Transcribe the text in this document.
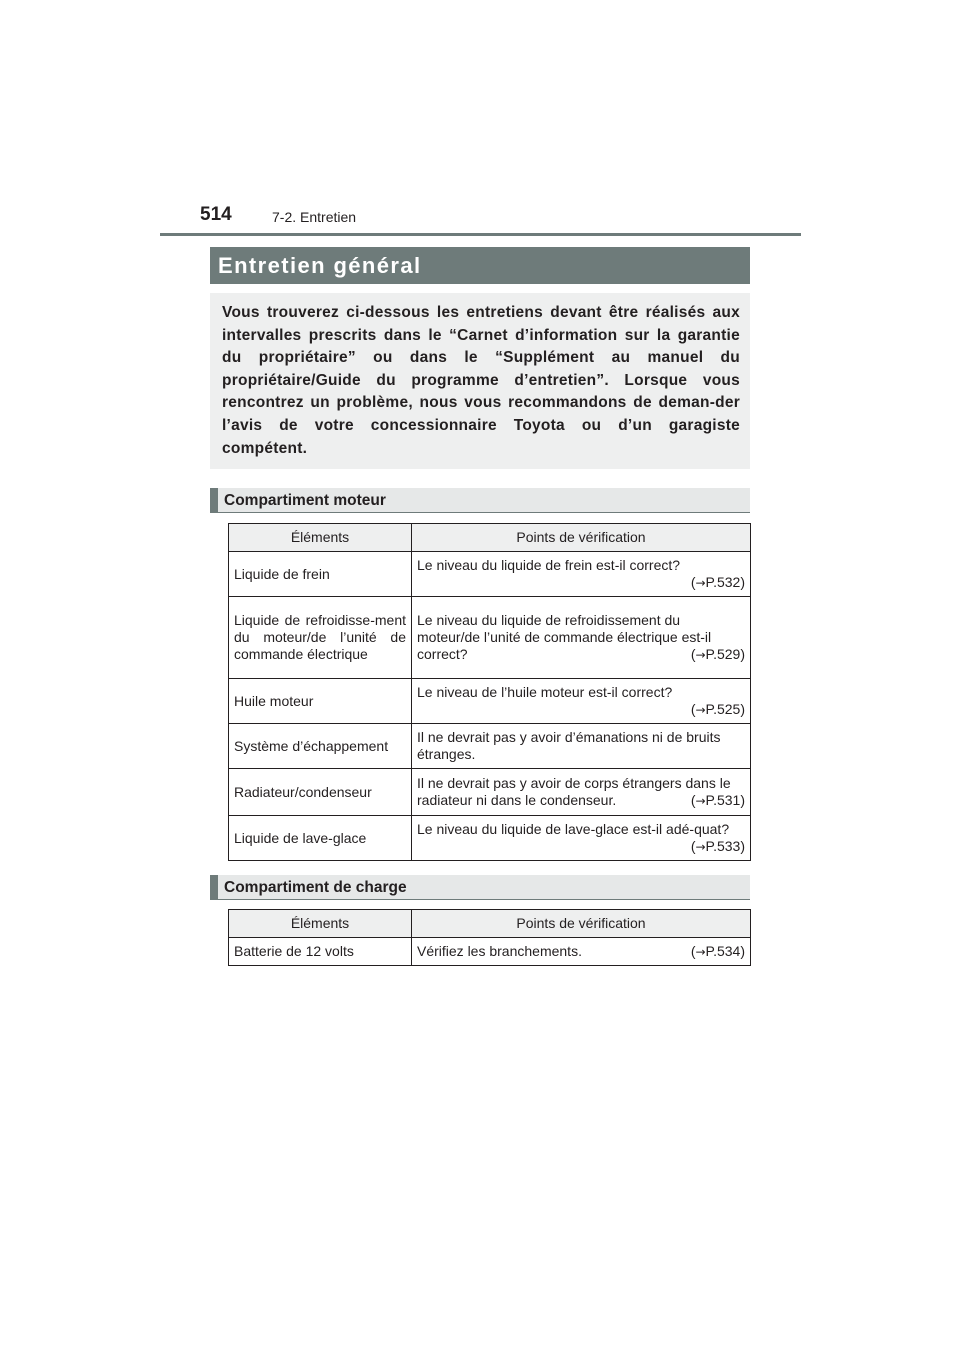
514	7-2. Entretien
Entretien général
Vous trouverez ci-dessous les entretiens devant être réalisés aux intervalles prescrits dans le “Carnet d’information sur la garantie du propriétaire” ou dans le “Supplément au manuel du propriétaire/Guide du programme d’entretien”. Lorsque vous rencontrez un problème, nous vous recommandons de deman-der l’avis de votre concessionnaire Toyota ou d’un garagiste compétent.
Compartiment moteur
Éléments	Points de vérification
Liquide de frein	Le niveau du liquide de frein est-il correct?
(→P.532)

Liquide de refroidisse-ment du moteur/de l’unité de commande électrique	Le niveau du liquide de refroidissement du moteur/de l’unité de commande électrique est-il correct? (→P.529)

Huile moteur	Le niveau de l’huile moteur est-il correct?
(→P.525)

Système d’échappement	Il ne devrait pas y avoir d’émanations ni de bruits étranges.
Radiateur/condenseur	Il ne devrait pas y avoir de corps étrangers dans le radiateur ni dans le condenseur. (→P.531)

Liquide de lave-glace	Le niveau du liquide de lave-glace est-il adé-quat?
(→P.533)
Compartiment de charge
Éléments	Points de vérification
Batterie de 12 volts	Vérifiez les branchements. (→P.534)
